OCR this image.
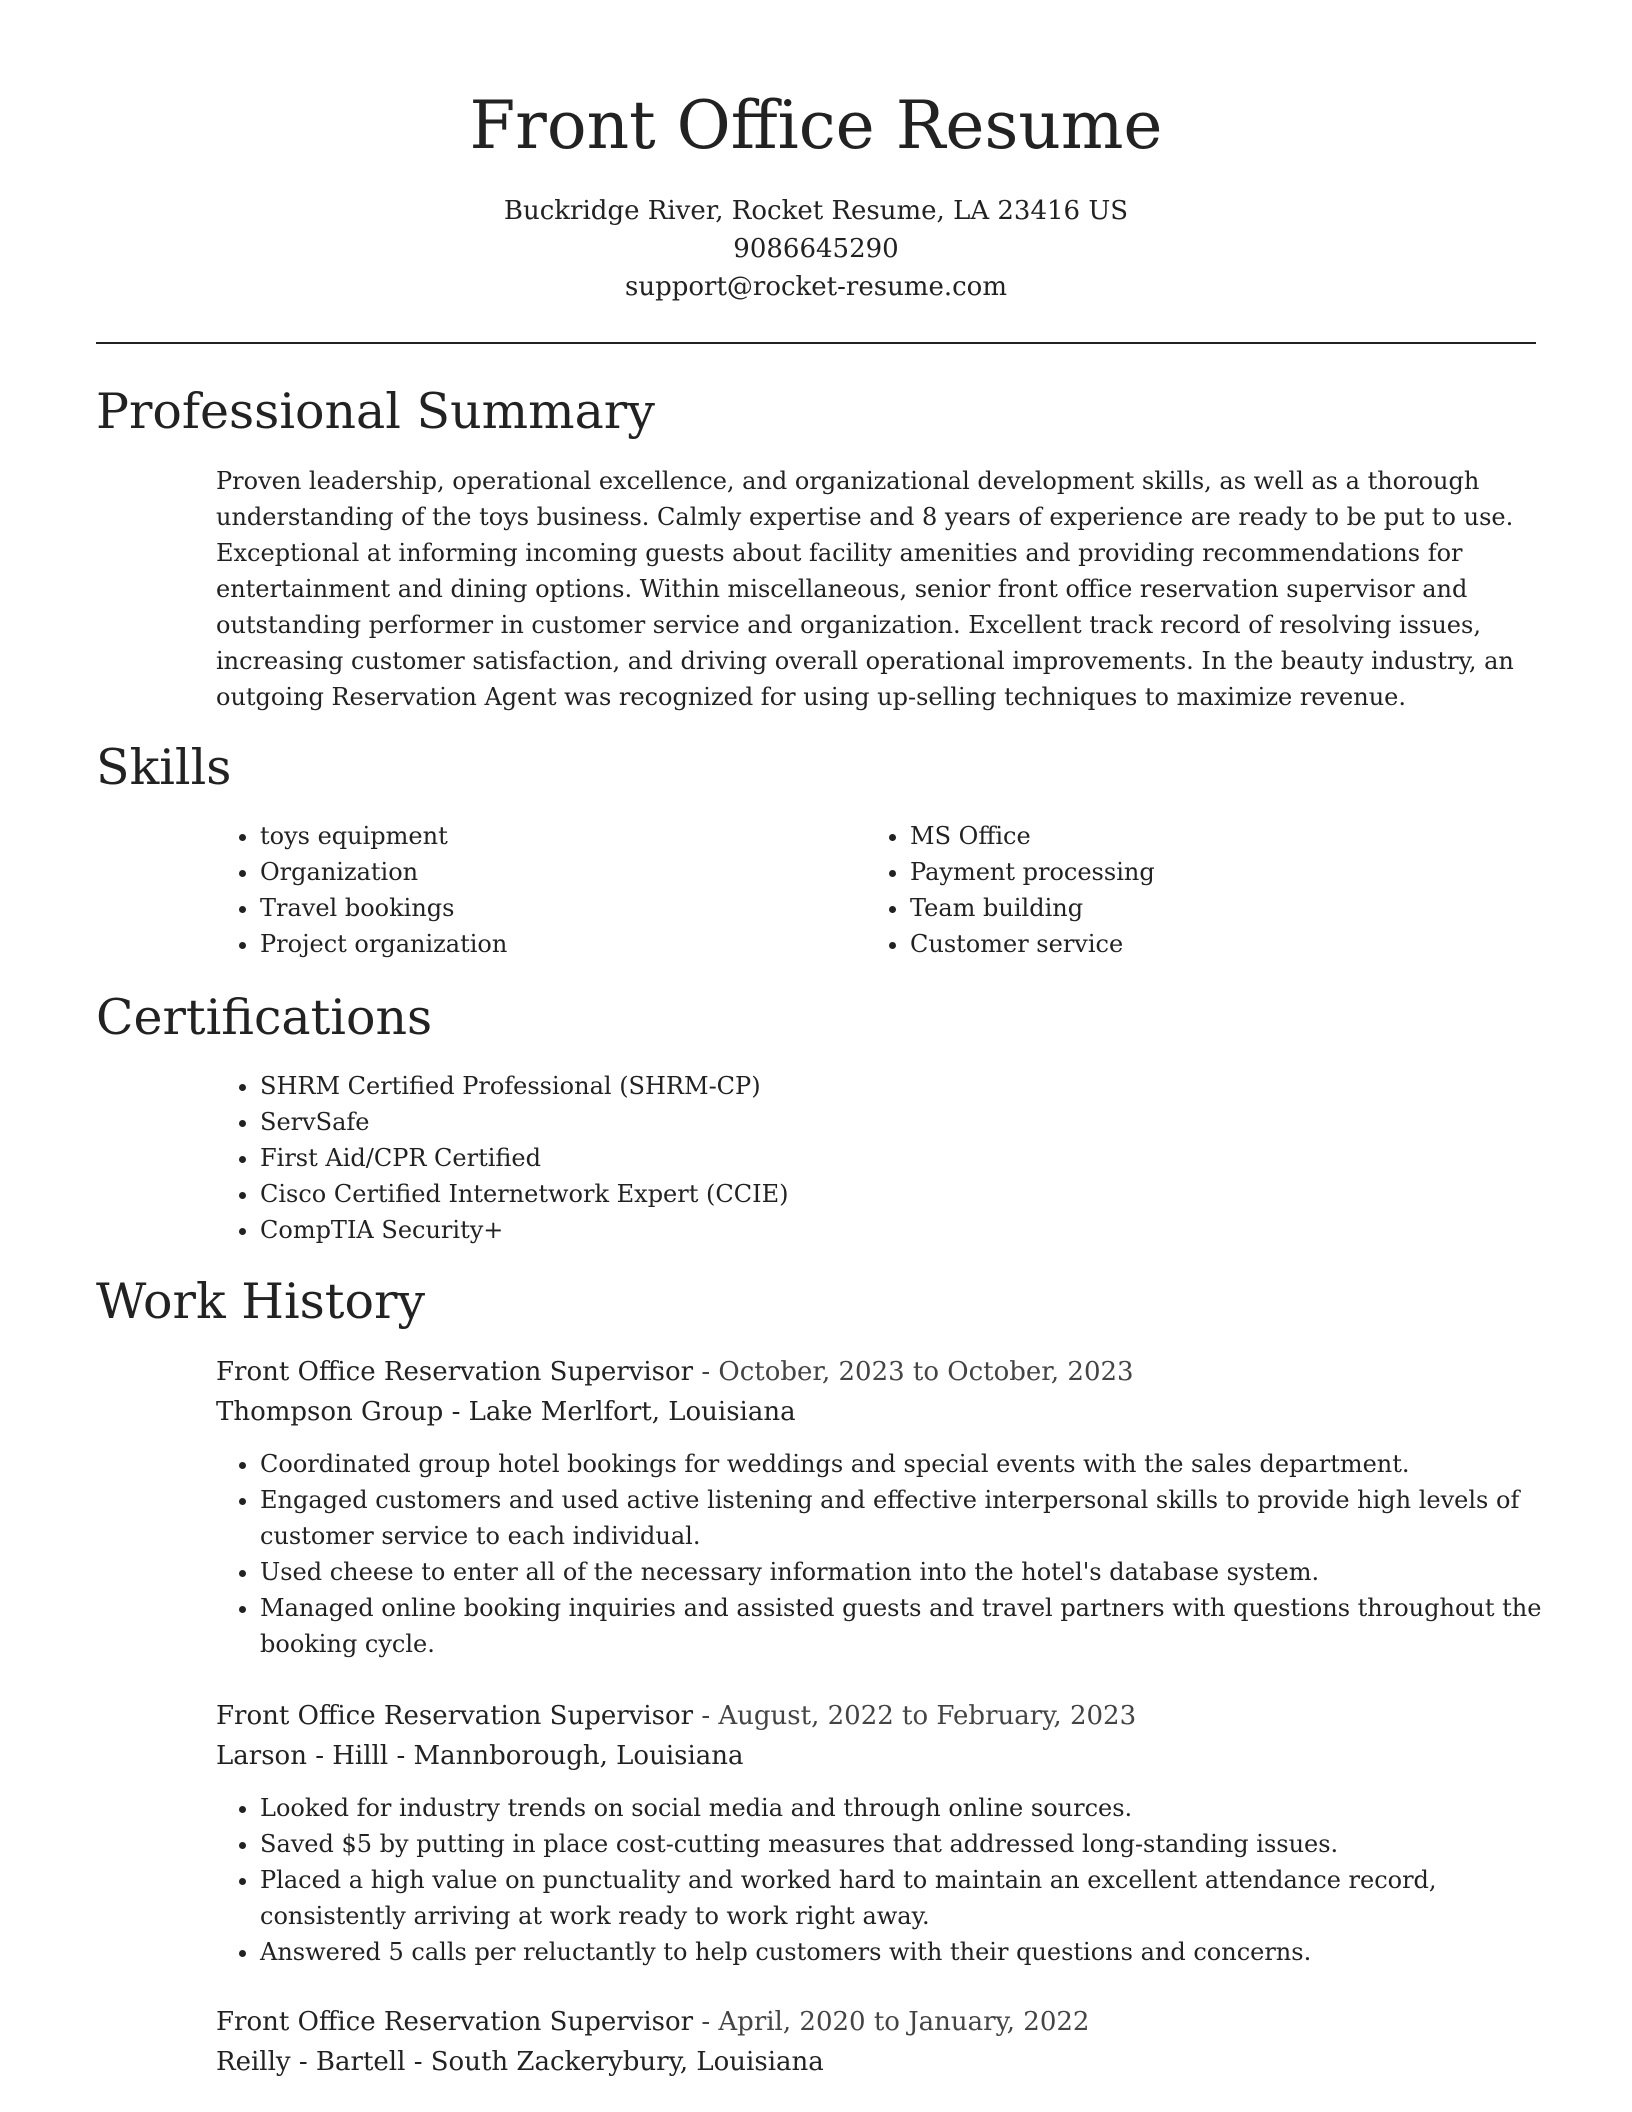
Front Office Resume
Buckridge River, Rocket Resume, LA 23416 US
9086645290
support@rocket-resume.com
Professional Summary

Proven leadership, operational excellence, and organizational development skills, as well as a thorough understanding of the toys business. Calmly expertise and 8 years of experience are ready to be put to use. Exceptional at informing incoming guests about facility amenities and providing recommendations for entertainment and dining options. Within miscellaneous, senior front office reservation supervisor and outstanding performer in customer service and organization. Excellent track record of resolving issues, increasing customer satisfaction, and driving overall operational improvements. In the beauty industry, an outgoing Reservation Agent was recognized for using up-selling techniques to maximize revenue.

Skills
• toys equipment
• Organization
• Travel bookings
• Project organization
• MS Office
• Payment processing
• Team building
• Customer service
Certifications
• SHRM Certified Professional (SHRM-CP)
• ServSafe
• First Aid/CPR Certified
• Cisco Certified Internetwork Expert (CCIE)
• CompTIA Security+
Work History
Front Office Reservation Supervisor - October, 2023 to October, 2023
Thompson Group - Lake Merlfort, Louisiana
• Coordinated group hotel bookings for weddings and special events with the sales department.
• Engaged customers and used active listening and effective interpersonal skills to provide high levels of customer service to each individual.
• Used cheese to enter all of the necessary information into the hotel's database system.
• Managed online booking inquiries and assisted guests and travel partners with questions throughout the booking cycle.
Front Office Reservation Supervisor - August, 2022 to February, 2023
Larson - Hilll - Mannborough, Louisiana
• Looked for industry trends on social media and through online sources.
• Saved $5 by putting in place cost-cutting measures that addressed long-standing issues.
• Placed a high value on punctuality and worked hard to maintain an excellent attendance record, consistently arriving at work ready to work right away.
• Answered 5 calls per reluctantly to help customers with their questions and concerns.
Front Office Reservation Supervisor - April, 2020 to January, 2022
Reilly - Bartell - South Zackerybury, Louisiana
